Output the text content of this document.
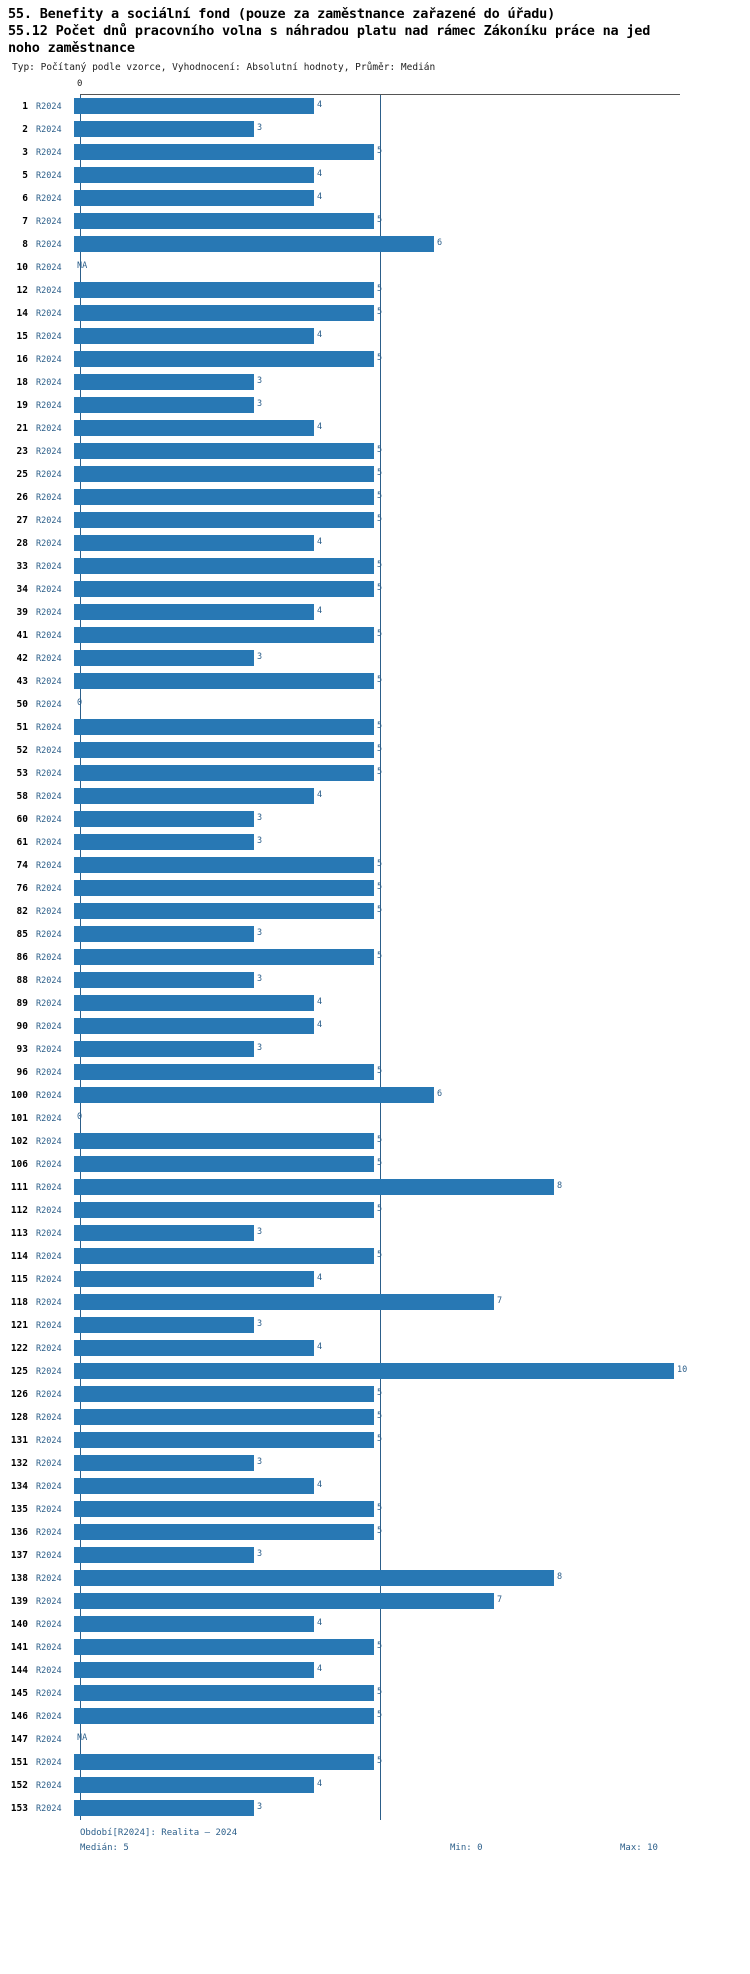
55. Benefity a sociální fond (pouze za zaměstnance zařazené do úřadu)
55.12 Počet dnů pracovního volna s náhradou platu nad rámec Zákoníku práce na jed
noho zaměstnance
Typ: Počítaný podle vzorce, Vyhodnocení: Absolutní hodnoty, Průměr: Medián
0
1 R2024	4
2 R2024	3
3 R2024	5
5 R2024	4
6 R2024	4
7 R2024	5
8 R2024	6
10 R2024	NA
12 R2024	5
14 R2024	5
15 R2024	4
16 R2024	5
18 R2024	3
19 R2024	3
21 R2024	4
23 R2024	5
25 R2024	5
26 R2024	5
27 R2024	5
28 R2024	4
33 R2024	5
34 R2024	5
39 R2024	4
41 R2024	5
42 R2024	3
43 R2024	5
50 R2024	0
51 R2024	5
52 R2024	5
53 R2024	5
58 R2024	4
60 R2024	3
61 R2024	3
74 R2024	5
76 R2024	5
82 R2024	5
85 R2024	3
86 R2024	5
88 R2024	3
89 R2024	4
90 R2024	4
93 R2024	3
96 R2024	5
100 R2024	6
101 R2024	0
102 R2024	5
106 R2024	5
111 R2024	8
112 R2024	5
113 R2024	3
114 R2024	5
115 R2024	4
118 R2024	7
121 R2024	3
122 R2024	4
125 R2024	10
126 R2024	5
128 R2024	5
131 R2024	5
132 R2024	3
134 R2024	4
135 R2024	5
136 R2024	5
137 R2024	3
138 R2024	8
139 R2024	7
140 R2024	4
141 R2024	5
144 R2024	4
145 R2024	5
146 R2024	5
147 R2024	NA
151 R2024	5
152 R2024	4
153 R2024	3
Období[R2024]: Realita — 2024
Medián: 5	Min: 0	Max: 10
